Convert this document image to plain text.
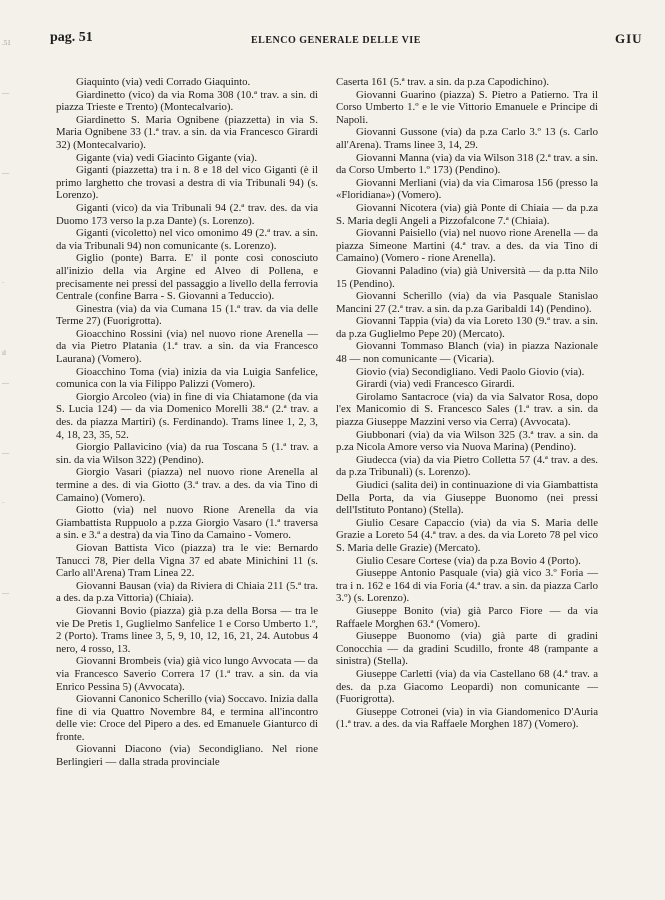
.51
—
—
·
ıl
—
—
·
—
pag. 51	ELENCO GENERALE DELLE VIE	GIU

Giaquinto (via) vedi Corrado Giaquinto.

Giardinetto (vico) da via Roma 308 (10.ª trav. a sin. di piazza Trieste e Trento) (Montecalvario).

Giardinetto S. Maria Ognibene (piazzetta) in via S. Maria Ognibene 33 (1.ª trav. a sin. da via Francesco Girardi 32) (Montecalvario).

Gigante (via) vedi Giacinto Gigante (via).

Giganti (piazzetta) tra i n. 8 e 18 del vico Giganti (è il primo larghetto che trovasi a destra di via Tribunali 94) (s. Lorenzo).

Giganti (vico) da via Tribunali 94 (2.ª trav. des. da via Duomo 173 verso la p.za Dante) (s. Lorenzo).

Giganti (vicoletto) nel vico omonimo 49 (2.ª trav. a sin. da via Tribunali 94) non comunicante (s. Lorenzo).

Giglio (ponte) Barra. E' il ponte così conosciuto all'inizio della via Argine ed Alveo di Pollena, e precisamente nei pressi del passaggio a livello della ferrovia Centrale (confine Barra - S. Giovanni a Teduccio).

Ginestra (via) da via Cumana 15 (1.ª trav. da via delle Terme 27) (Fuorigrotta).

Gioacchino Rossini (via) nel nuovo rione Arenella — da via Pietro Platania (1.ª trav. a sin. da via Francesco Laurana) (Vomero).

Gioacchino Toma (via) inizia da via Luigia Sanfelice, comunica con la via Filippo Palizzi (Vomero).

Giorgio Arcoleo (via) in fine di via Chiatamone (da via S. Lucia 124) — da via Domenico Morelli 38.ª (2.ª trav. a des. da piazza Martiri) (s. Ferdinando). Trams linee 1, 2, 3, 4, 18, 23, 35, 52.

Giorgio Pallavicino (via) da rua Toscana 5 (1.ª trav. a sin. da via Wilson 322) (Pendino).

Giorgio Vasari (piazza) nel nuovo rione Arenella al termine a des. di via Giotto (3.ª trav. a des. da via Tino di Camaino) (Vomero).

Giotto (via) nel nuovo Rione Arenella da via Giambattista Ruppuolo a p.zza Giorgio Vasaro (1.ª traversa a sin. e 3.ª a destra) da via Tino da Camaino - Vomero.

Giovan Battista Vico (piazza) tra le vie: Bernardo Tanucci 78, Pier della Vigna 37 ed abate Minichini 11 (s. Carlo all'Arena) Tram Linea 22.

Giovanni Bausan (via) da Riviera di Chiaia 211 (5.ª tra. a des. da p.za Vittoria) (Chiaia).

Giovanni Bovio (piazza) già p.za della Borsa — tra le vie De Pretis 1, Guglielmo Sanfelice 1 e Corso Umberto 1.º, 2 (Porto). Trams linee 3, 5, 9, 10, 12, 16, 21, 24. Autobus 4 nero, 4 rosso, 13.

Giovanni Brombeis (via) già vico lungo Avvocata — da via Francesco Saverio Correra 17 (1.ª trav. a sin. da via Enrico Pessina 5) (Avvocata).

Giovanni Canonico Scherillo (via) Soccavo. Inizia dalla fine di via Quattro Novembre 84, e termina all'incontro delle vie: Croce del Pipero a des. ed Emanuele Gianturco di fronte.

Giovanni Diacono (via) Secondigliano. Nel rione Berlingieri — dalla strada provinciale

Caserta 161 (5.ª trav. a sin. da p.za Capodichino).

Giovanni Guarino (piazza) S. Pietro a Patierno. Tra il Corso Umberto 1.º e le vie Vittorio Emanuele e Principe di Napoli.

Giovanni Gussone (via) da p.za Carlo 3.º 13 (s. Carlo all'Arena). Trams linee 3, 14, 29.

Giovanni Manna (via) da via Wilson 318 (2.ª trav. a sin. da Corso Umberto 1.º 173) (Pendino).

Giovanni Merliani (via) da via Cimarosa 156 (presso la «Floridiana») (Vomero).

Giovanni Nicotera (via) già Ponte di Chiaia — da p.za S. Maria degli Angeli a Pizzofalcone 7.ª (Chiaia).

Giovanni Paisiello (via) nel nuovo rione Arenella — da piazza Simeone Martini (4.ª trav. a des. da via Tino di Camaino) (Vomero - rione Arenella).

Giovanni Paladino (via) già Università — da p.tta Nilo 15 (Pendino).

Giovanni Scherillo (via) da via Pasquale Stanislao Mancini 27 (2.ª trav. a sin. da p.za Garibaldi 14) (Pendino).

Giovanni Tappia (via) da via Loreto 130 (9.ª trav. a sin. da p.za Guglielmo Pepe 20) (Mercato).

Giovanni Tommaso Blanch (via) in piazza Nazionale 48 — non comunicante — (Vicaria).

Giovio (via) Secondigliano. Vedi Paolo Giovio (via).

Girardi (via) vedi Francesco Girardi.

Girolamo Santacroce (via) da via Salvator Rosa, dopo l'ex Manicomio di S. Francesco Sales (1.ª trav. a sin. da piazza Giuseppe Mazzini verso via Cerra) (Avvocata).

Giubbonari (via) da via Wilson 325 (3.ª trav. a sin. da p.za Nicola Amore verso via Nuova Marina) (Pendino).

Giudecca (via) da via Pietro Colletta 57 (4.ª trav. a des. da p.za Tribunali) (s. Lorenzo).

Giudici (salita dei) in continuazione di via Giambattista Della Porta, da via Giuseppe Buonomo (nei pressi dell'Istituto Pontano) (Stella).

Giulio Cesare Capaccio (via) da via S. Maria delle Grazie a Loreto 54 (4.ª trav. a des. da via Loreto 78 pel vico S. Maria delle Grazie) (Mercato).

Giulio Cesare Cortese (via) da p.za Bovio 4 (Porto).

Giuseppe Antonio Pasquale (via) già vico 3.º Foria — tra i n. 162 e 164 di via Foria (4.ª trav. a sin. da piazza Carlo 3.º) (s. Lorenzo).

Giuseppe Bonito (via) già Parco Fiore — da via Raffaele Morghen 63.ª (Vomero).

Giuseppe Buonomo (via) già parte di gradini Conocchia — da gradini Scudillo, fronte 48 (rampante a sinistra) (Stella).

Giuseppe Carletti (via) da via Castellano 68 (4.ª trav. a des. da p.za Giacomo Leopardi) non comunicante — (Fuorigrotta).

Giuseppe Cotronei (via) in via Giandomenico D'Auria (1.ª trav. a des. da via Raffaele Morghen 187) (Vomero).
